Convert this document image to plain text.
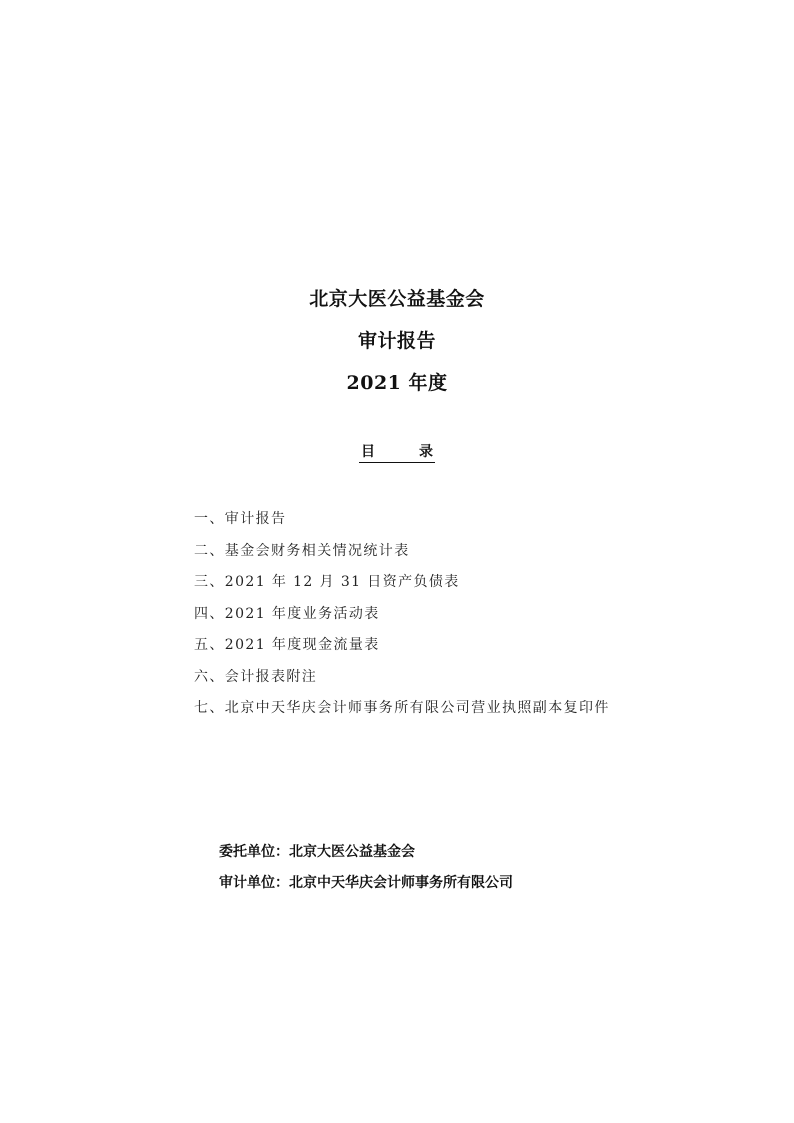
北京大医公益基金会
审计报告
2021 年度
目	录
一、审计报告
二、基金会财务相关情况统计表
三、2021 年 12 月 31 日资产负债表
四、2021 年度业务活动表
五、2021 年度现金流量表
六、会计报表附注
七、北京中天华庆会计师事务所有限公司营业执照副本复印件
委托单位：北京大医公益基金会
审计单位：北京中天华庆会计师事务所有限公司
